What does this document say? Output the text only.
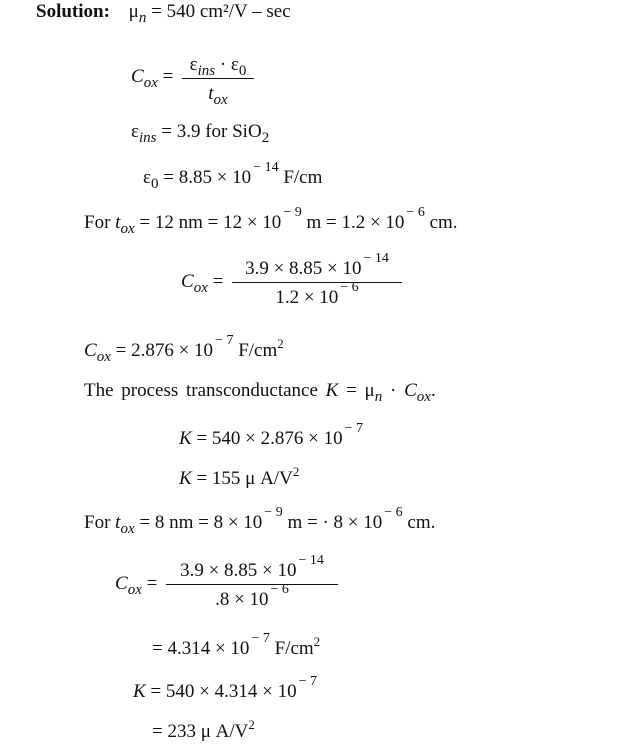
Solution: $\mu_n = 540$ cm²/V – sec
$C_{ox}$ =
$\varepsilon_{ins} \cdot \varepsilon_0$
$t_{ox}$
$\varepsilon_{ins} = 3.9$ for SiO$_2$
$\varepsilon_0 = 8.85 \times 10$ $^{- 14}$ F/cm
For $t_{ox} = 12$ nm = 12 × 10 $^{- 9}$ m = 1.2 × 10 $^{- 6}$ cm.
$C_{ox}$ =
3.9 × 8.85 × 10 $^{- 14}$
1.2 × 10 $^{- 6}$
$C_{ox} = 2.876 \times 10$ $^{- 7}$ $F/cm^2$
The process transconductance $K = \mu_n \cdot C_{ox}$.
K = 540 × 2.876 × 10 $^{- 7}$
K = 155 μ $A/V^2$
For $t_{ox} = 8$ nm = 8 × 10 $^{- 9}$ m = · 8 × 10 $^{- 6}$ cm.
$C_{ox}$ =
3.9 × 8.85 × 10 $^{- 14}$
.8 × 10 $^{- 6}$
= 4.314 × 10 $^{- 7}$ $F/cm^2$
K = 540 × 4.314 × 10 $^{- 7}$
= 233 μ $A/V^2$
